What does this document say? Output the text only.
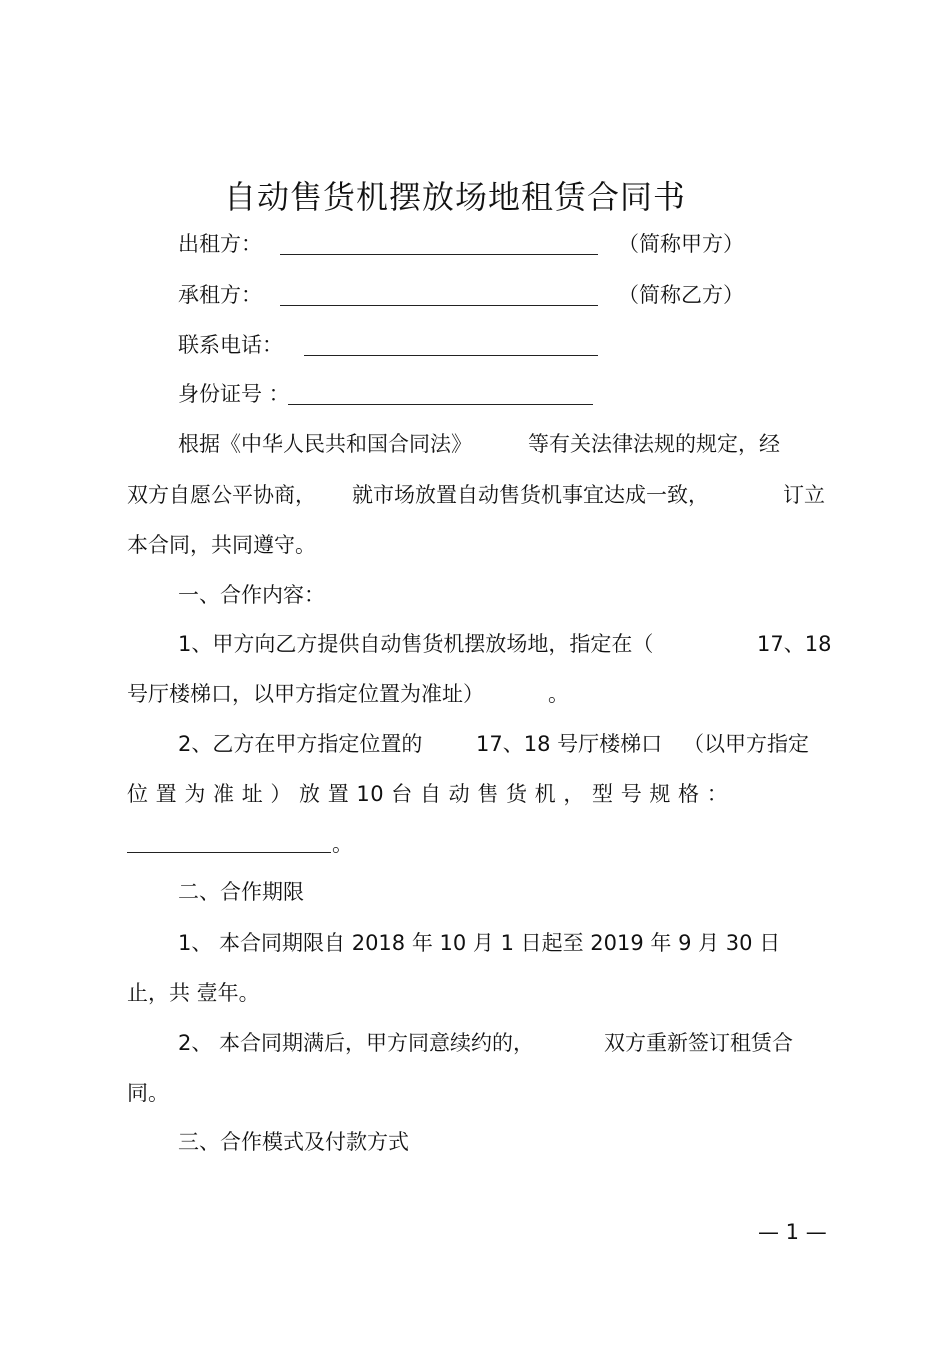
自动售货机摆放场地租赁合同书
出租方：	（简称甲方）
承租方：	（简称乙方）
联系电话：
身份证号 ：
根据《中华人民共和国合同法》	等有关法律法规的规定，经
双方自愿公平协商， 就市场放置自动售货机事宜达成一致，	订立
本合同，共同遵守。
一、合作内容：
1、甲方向乙方提供自动售货机摆放场地，指定在（	17、18
号厅楼梯口，以甲方指定位置为准址）	。
2、乙方在甲方指定位置的	17、18 号厅楼梯口 （以甲方指定
位 置 为 准 址 ） 放 置 10 台 自 动 售 货 机 ， 型 号 规 格 ：
。
二、合作期限
1、 本合同期限自 2018 年 10 月 1 日起至 2019 年 9 月 30 日
止，共 壹年。
2、 本合同期满后，甲方同意续约的，	双方重新签订租赁合
同。
三、合作模式及付款方式
— 1 —
